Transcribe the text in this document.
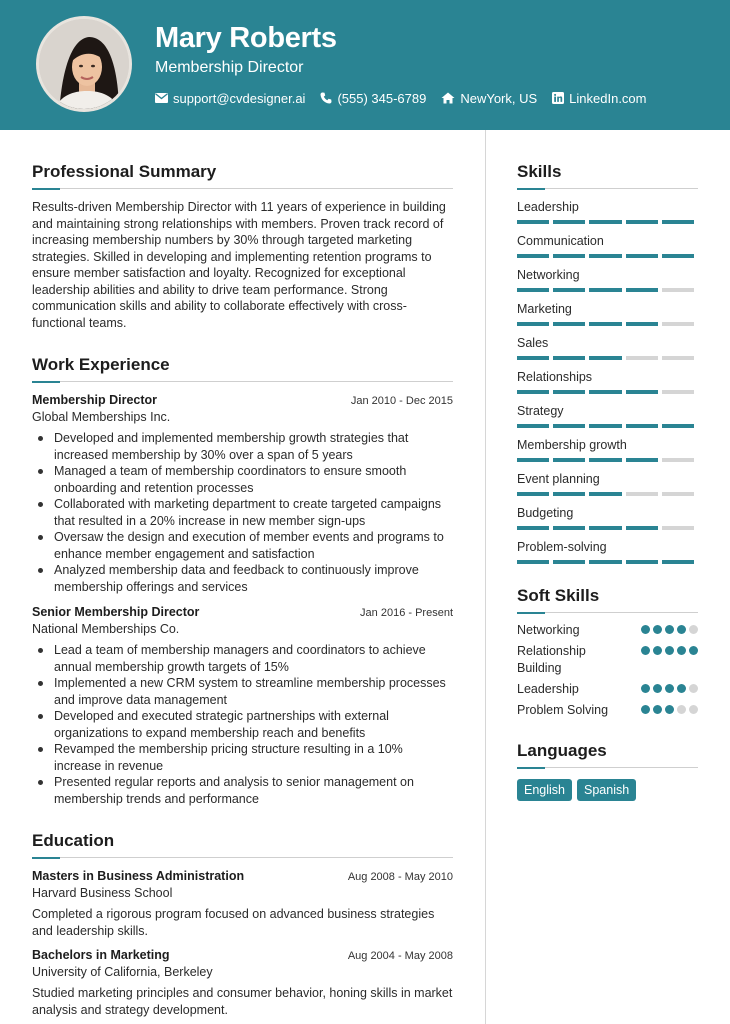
Mary Roberts
Membership Director
support@cvdesigner.ai (555) 345-6789	NewYork, US LinkedIn.com
Professional Summary
Results-driven Membership Director with 11 years of experience in building and maintaining strong relationships with members. Proven track record of increasing membership numbers by 30% through targeted marketing strategies. Skilled in developing and implementing retention programs to ensure member satisfaction and loyalty. Recognized for exceptional leadership abilities and ability to drive team performance. Strong communication skills and ability to collaborate effectively with cross-functional teams.
Work Experience
Membership Director	Jan 2010 - Dec 2015
Global Memberships Inc.
Developed and implemented membership growth strategies that increased membership by 30% over a span of 5 years
Managed a team of membership coordinators to ensure smooth onboarding and retention processes
Collaborated with marketing department to create targeted campaigns that resulted in a 20% increase in new member sign-ups
Oversaw the design and execution of member events and programs to enhance member engagement and satisfaction
Analyzed membership data and feedback to continuously improve membership offerings and services
Senior Membership Director	Jan 2016 - Present
National Memberships Co.
Lead a team of membership managers and coordinators to achieve annual membership growth targets of 15%
Implemented a new CRM system to streamline membership processes and improve data management
Developed and executed strategic partnerships with external organizations to expand membership reach and benefits
Revamped the membership pricing structure resulting in a 10% increase in revenue
Presented regular reports and analysis to senior management on membership trends and performance
Education
Masters in Business Administration	Aug 2008 - May 2010
Harvard Business School
Completed a rigorous program focused on advanced business strategies and leadership skills.
Bachelors in Marketing	Aug 2004 - May 2008
University of California, Berkeley
Studied marketing principles and consumer behavior, honing skills in market analysis and strategy development.
Skills
Leadership
Communication
Networking
Marketing
Sales
Relationships
Strategy
Membership growth
Event planning
Budgeting
Problem-solving
Soft Skills
Networking
Relationship Building
Leadership
Problem Solving
Languages
English	Spanish
